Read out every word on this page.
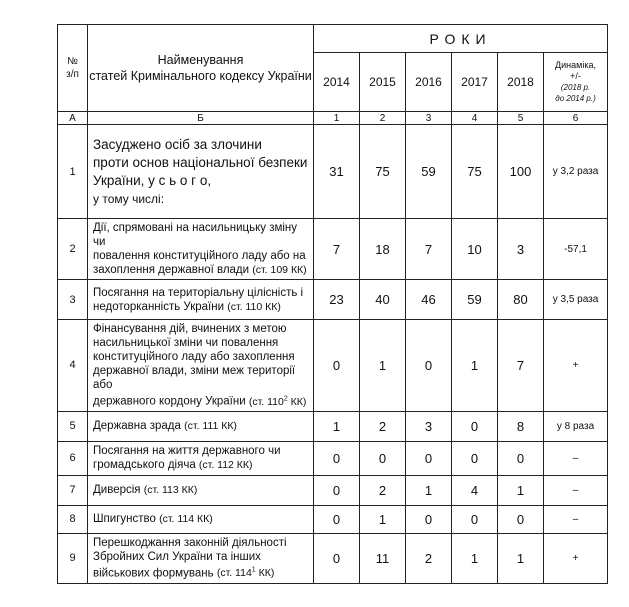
№
з/п	Найменування
статей Кримінального кодексу України	РОКИ					
		2014	2015	2016	2017	2018	Динаміка,
+/-
(2018 р.
до 2014 р.)
А	Б	1	2	3	4	5	6
1	Засуджено осіб за злочини
проти основ національної безпеки
України, у с ь о г о,
у тому числі:	31	75	59	75	100	у 3,2 раза
2	Дії, спрямовані на насильницьку зміну чи
повалення конституційного ладу або на
захоплення державної влади (ст. 109 КК)	7	18	7	10	3	-57,1
3	Посягання на територіальну цілісність і
недоторканність України (ст. 110 КК)	23	40	46	59	80	у 3,5 раза
4	Фінансування дій, вчинених з метою
насильницької зміни чи повалення
конституційного ладу або захоплення
державної влади, зміни меж території або
державного кордону України (ст. $110^2$ КК)	0	1	0	1	7	+
5	Державна зрада (ст. 111 КК)	1	2	3	0	8	у 8 раза
6	Посягання на життя державного чи
громадського діяча (ст. 112 КК)	0	0	0	0	0	–
7	Диверсія (ст. 113 КК)	0	2	1	4	1	–
8	Шпигунство (ст. 114 КК)	0	1	0	0	0	–
9	Перешкоджання законній діяльності
Збройних Сил України та інших
військових формувань (ст. $114^1$ КК)	0	11	2	1	1	+
